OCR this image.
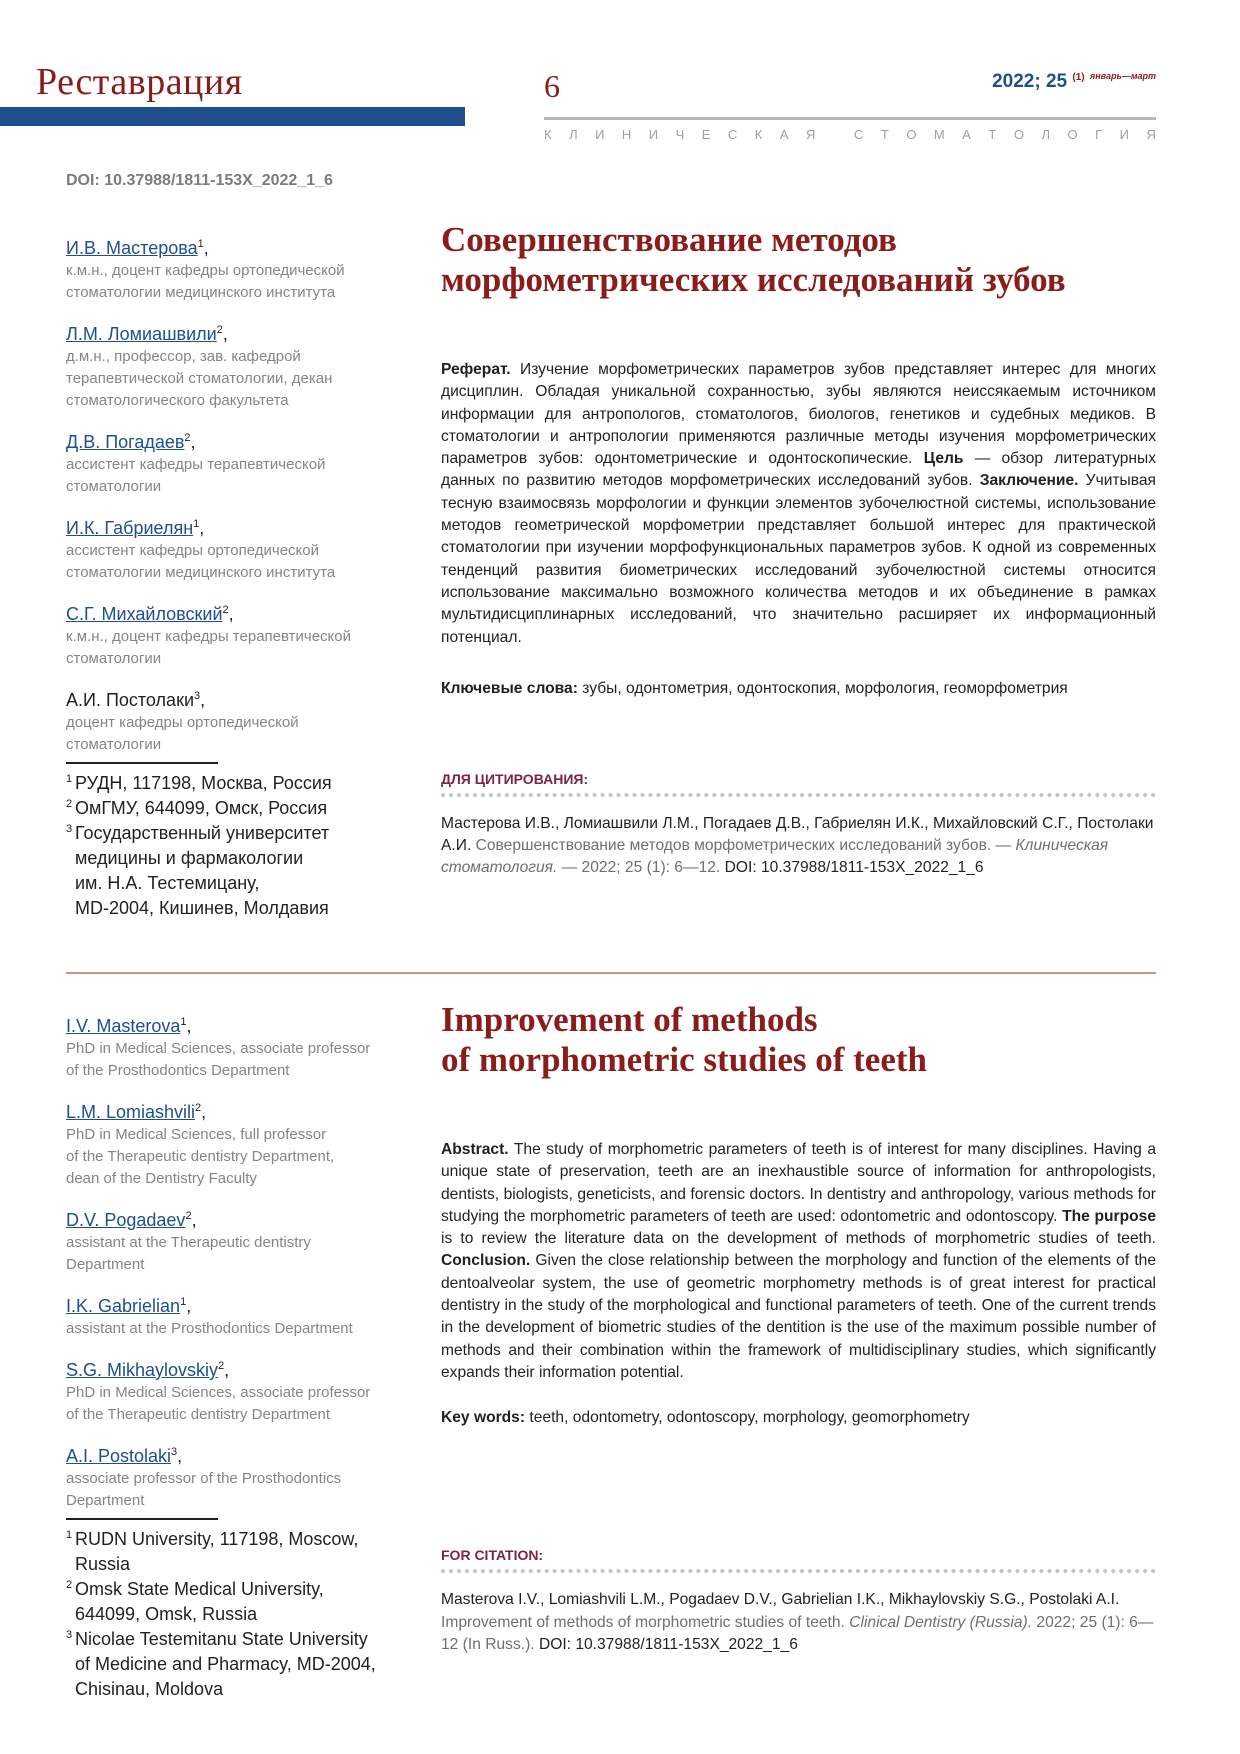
Реставрация	6	2022; 25 $^{(1)}$ $^{январь—март}$
К Л И Н И Ч Е С К А Я
	С Т О М А Т О Л О Г И Я
DOI: 10.37988/1811-153X_2022_1_6
И.В. Мастерова$^1$,
к.м.н., доцент кафедры ортопедической
стоматологии медицинского института
Л.М. Ломиашвили$^2$,
д.м.н., профессор, зав. кафедрой
терапевтической стоматологии, декан
стоматологического факультета
Д.В. Погадаев$^2$,
ассистент кафедры терапевтической
стоматологии
И.К. Габриелян$^1$,
ассистент кафедры ортопедической
стоматологии медицинского института
С.Г. Михайловский$^2$,
к.м.н., доцент кафедры терапевтической
стоматологии
А.И. Постолаки$^3$,
доцент кафедры ортопедической
стоматологии
1 РУДН, 117198, Москва, Россия
2 ОмГМУ, 644099, Омск, Россия
3 Государственный университет
медицины и фармакологии
им. Н.А. Тестемицану,
MD-2004, Кишинев, Молдавия
Совершенствование методов
морфометрических исследований зубов

Реферат. Изучение морфометрических параметров зубов представляет интерес для многих дисциплин. Обладая уникальной сохранностью, зубы являются неиссякаемым источником информации для антропологов, стоматологов, биологов, генетиков и судебных медиков. В стоматологии и антропологии применяются различные методы изучения морфометрических параметров зубов: одонтометрические и одонтоскопические. Цель — обзор литературных данных по развитию методов морфометрических исследований зубов. Заключение. Учитывая тесную взаимосвязь морфологии и функции элементов зубочелюстной системы, использование методов геометрической морфометрии представляет большой интерес для практической стоматологии при изучении морфофункциональных параметров зубов. К одной из современных тенденций развития биометрических исследований зубочелюстной системы относится использование максимально возможного количества методов и их объединение в рамках мультидисциплинарных исследований, что значительно расширяет их информационный потенциал.

Ключевые слова: зубы, одонтометрия, одонтоскопия, морфология, геоморфометрия

ДЛЯ ЦИТИРОВАНИЯ:

Мастерова И.В., Ломиашвили Л.М., Погадаев Д.В., Габриелян И.К., Михайловский С.Г., Постолаки А.И. Совершенствование методов морфометрических исследований зубов. — Клиническая стоматология. — 2022; 25 (1): 6—12. DOI: 10.37988/1811-153X_2022_1_6

I.V. Masterova$^1$,
PhD in Medical Sciences, associate professor
of the Prosthodontics Department
L.M. Lomiashvili$^2$,
PhD in Medical Sciences, full professor
of the Therapeutic dentistry Department,
dean of the Dentistry Faculty
D.V. Pogadaev$^2$,
assistant at the Therapeutic dentistry
Department
I.K. Gabrielian$^1$,
assistant at the Prosthodontics Department
S.G. Mikhaylovskiy$^2$,
PhD in Medical Sciences, associate professor
of the Therapeutic dentistry Department
A.I. Postolaki$^3$,
associate professor of the Prosthodontics
Department
1 RUDN University, 117198, Moscow, Russia
2 Omsk State Medical University,
644099, Omsk, Russia
3 Nicolae Testemitanu State University
of Medicine and Pharmacy, MD-2004,
Chisinau, Moldova
Improvement of methods
of morphometric studies of teeth

Abstract. The study of morphometric parameters of teeth is of interest for many disciplines. Having a unique state of preservation, teeth are an inexhaustible source of information for anthropologists, dentists, biologists, geneticists, and forensic doctors. In dentistry and anthropology, various methods for studying the morphometric parameters of teeth are used: odontometric and odontoscopy. The purpose is to review the literature data on the development of methods of morphometric studies of teeth. Conclusion. Given the close relationship between the morphology and function of the elements of the dentoalveolar system, the use of geometric morphometry methods is of great interest for practical dentistry in the study of the morphological and functional parameters of teeth. One of the current trends in the development of biometric studies of the dentition is the use of the maximum possible number of methods and their combination within the framework of multidisciplinary studies, which significantly expands their information potential.

Key words: teeth, odontometry, odontoscopy, morphology, geomorphometry

FOR CITATION:

Masterova I.V., Lomiashvili L.M., Pogadaev D.V., Gabrielian I.K., Mikhaylovskiy S.G., Postolaki A.I. Improvement of methods of morphometric studies of teeth. Clinical Dentistry (Russia). 2022; 25 (1): 6—12 (In Russ.). DOI: 10.37988/1811-153X_2022_1_6
